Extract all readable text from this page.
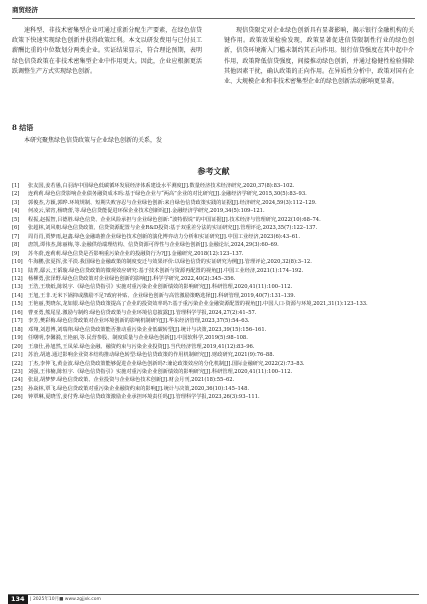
商贸经济

速科型、非技术密集型企业可通过重新分配生产要素，在绿色信贷政策下快速实现绿色创新并获得政策红利。本文以研发费用与已付员工薪酬比重的中位数划分两类企业。实证结果显示，符合理论预期，表明绿色信贷政策在非技术密集型企业中作用更大。因此，企业应根据更活跃调整生产方式实现绿色创新。

现信贷限定对企业绿色创新具有显著影响，揭示银行金融机构的关键作用。政策效果检验发现，政策显著促进信贷限制性行业的绿色创新，信贷环境渐入门槛未制约其正向作用。银行信贷强度在其中起中介作用，政策降低信贷强度，间接推动绿色创新，并通过稳健性检验排除其他因素干扰，确认政策的正向作用。在异质性分析中，政策对国有企业、大规模企业和非技术密集型企业的绿色创新活动影响更显著。

8 结语

本研究聚焦绿色信贷政策与企业绿色创新的关系，发

参考文献
[1]	张友国,姜若愚,白羽涛中国绿色低碳循环发展经济体系建设水平测度[J].数量经济技术经济研究,2020,37(8):83–102.
[2]	连莉莉.绿色信贷影响企业债务融资成本吗:基于绿色企业与“两高”企业的对比研究[J].金融经济学研究,2015,30(5):83–93.
[3]	郭俊杰,方颖,郭晔.环境规制、短期失败容忍与企业绿色创新:来自绿色信贷政策实践的证据[J].经济研究,2024,59(3):112–129.
[4]	何凌云,梁宵,杨晓蕾,等.绿色信贷能促进环保企业技术创新吗[J].金融经济学研究,2019,34(5):109–121.
[5]	程振,赵振智,吕德胜.绿色信贷、企业风险承担与企业绿色创新:“波特假说”的中国证据[J].技术经济与管理研究,2022(10):68–74.
[6]	张超林,刘风朝.绿色信贷政策、信贷资源配置与企业R&D投资:基于双重差分法的实证研究[J].管理评论,2023,35(7):122–137.
[7]	周肖肖,贾梦雨,赵鑫.绿色金融助推企业绿色技术创新的演化博弈动力分析和实证研究[J].中国工业经济,2023(6):43–61.
[8]	唐凯,谭伟杰,陈丽梅,等.金融供给端理结构、信贷资源可得性与企业绿色创新[J].金融论坛,2024,29(3):60–69.
[9]	苏冬蔚,连莉莉.绿色信贷是否影响重污染企业的投融资行为?[J].金融研究,2018(12):123–137.
[10]	牛海鹏,张夏挥,张平淡.我国绿色金融政策的制度变迁与效果评价:以绿色信贷的实证研究为例[J].管理评论,2020,32(8):3–12.
[11]	陆菁,鄢云,王韬璇.绿色信贷政策的微观效应研究:基于技术创新与资源再配置的视角[J].中国工业经济,2021(1):174–192.
[12]	杨柳勇,张泽野.绿色信贷政策对企业绿色创新的影响[J].科学学研究,2022,40(2):345–356.
[13]	王浩,王琰纸,陈锐宇.《绿色信贷指引》实施对重污染企业创新绩效的影响研究[J].科研管理,2020,41(11):100–112.
[14]	王旭,王非.无米下锅抑或激励不足?政府补贴、企业绿色创新与高管激励策略选择[J].科研管理,2019,40(7):131–139.
[15]	王艳丽,类晓东,龙如银.绿色信贷政策提高了企业的投资效率吗?:基于重污染企业金融资源配置的视角[J].中国人口·资源与环境,2021,31(1):123–133.
[16]	曹亚勇,熊尾星.激励与制约:绿色信贷政策与企业环境信息披露[J].管理科学学报,2024,27(2):41–57.
[17]	李芳,樊彩梅.绿色信贷政策对企业环境创新的影响机制研究[J].华东经济管理,2023,37(5):54–63.
[18]	邓翔,刘恩博,刘瑞翔.绿色信贷政策能否推动重污染企业低碳转型[J].统计与决策,2023,39(15):156–161.
[19]	任曙明,李馨漪,王艳丽,等.民营参股、制度质量与企业绿色创新[J].中国软科学,2019(5):98–108.
[20]	王康仕,孙旭然,王凤荣.绿色金融、融资约束与污染企业投资[J].当代经济管理,2019,41(12):83–96.
[21]	苏治,胡迪.通过影响企业资本结构推动绿色转型:绿色信贷政策的作用机制研究[J].财政研究,2021(9):76–88.
[22]	丁杰,李仲飞,黄金波.绿色信贷政策能够促进企业绿色创新吗?:兼论政策效应的分化机制[J].国际金融研究,2022(2):73–83.
[23]	刘强,王伟楠,陈恒宇.《绿色信贷指引》实施对重污染企业创新绩效的影响研究[J].科研管理,2020,41(11):100–112.
[24]	张晨,胡梦梦.绿色信贷政策、企业投资与企业绿色技术创新[J].财会月刊,2021(18):55–62.
[25]	孙焱林,覃飞.绿色信贷政策对重污染企业融资约束的影响[J].统计与决策,2020,36(10):145–148.
[26]	钟覃琳,夏晓雪,姜付秀.绿色信贷政策激励企业承担环境责任吗[J].管理科学学报,2023,26(3):93–111.
134	| 2025年10月■ www.zgjjxk.com
